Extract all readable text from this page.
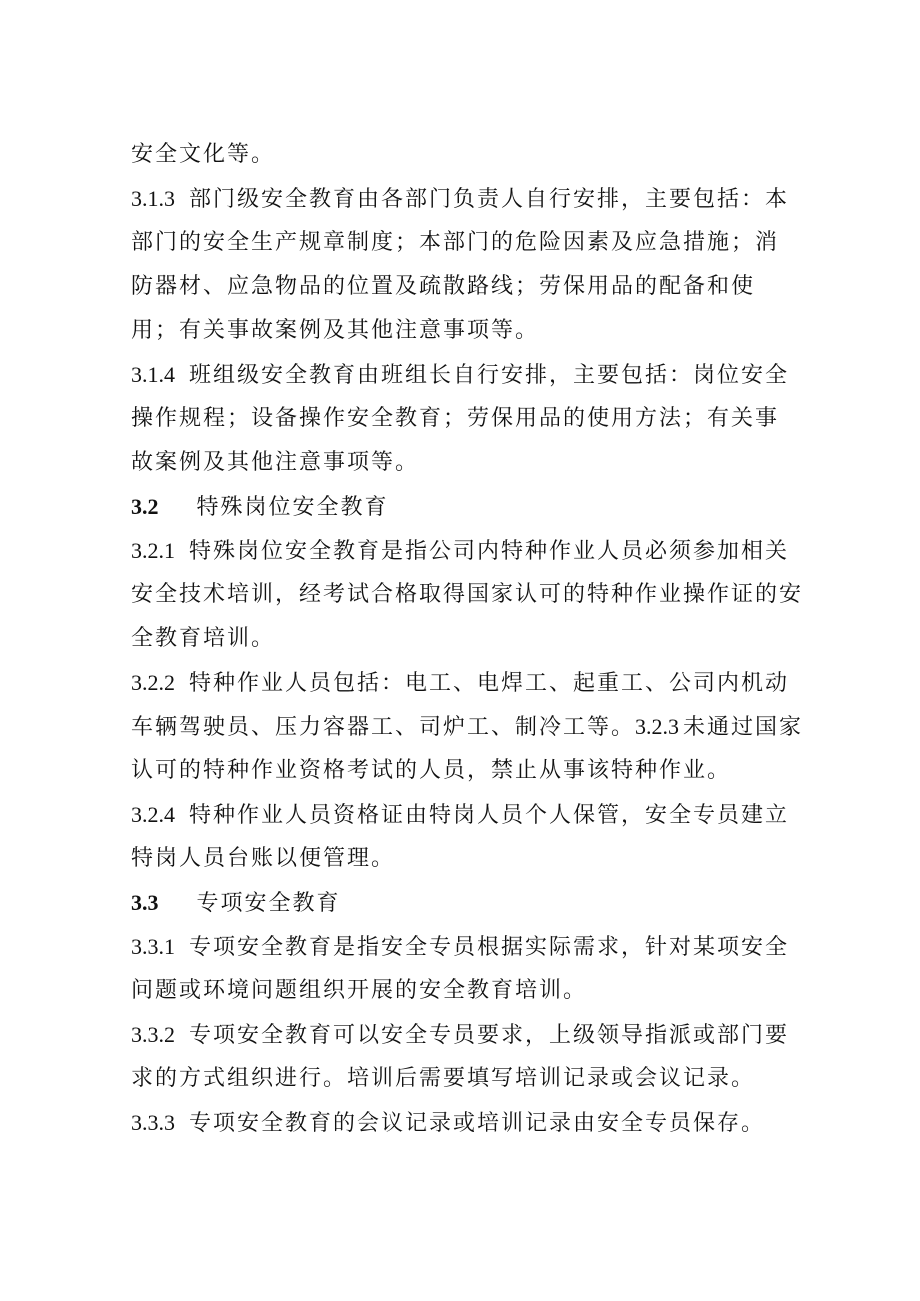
安全文化等。
3.1.3 部门级安全教育由各部门负责人自行安排，主要包括：本
部门的安全生产规章制度；本部门的危险因素及应急措施；消
防器材、应急物品的位置及疏散路线；劳保用品的配备和使
用；有关事故案例及其他注意事项等。
3.1.4 班组级安全教育由班组长自行安排，主要包括：岗位安全
操作规程；设备操作安全教育；劳保用品的使用方法；有关事
故案例及其他注意事项等。
3.2 特殊岗位安全教育
3.2.1 特殊岗位安全教育是指公司内特种作业人员必须参加相关
安全技术培训，经考试合格取得国家认可的特种作业操作证的安
全教育培训。
3.2.2 特种作业人员包括：电工、电焊工、起重工、公司内机动
车辆驾驶员、压力容器工、司炉工、制冷工等。3.2.3 未通过国家
认可的特种作业资格考试的人员，禁止从事该特种作业。
3.2.4 特种作业人员资格证由特岗人员个人保管，安全专员建立
特岗人员台账以便管理。
3.3 专项安全教育
3.3.1 专项安全教育是指安全专员根据实际需求，针对某项安全
问题或环境问题组织开展的安全教育培训。
3.3.2 专项安全教育可以安全专员要求，上级领导指派或部门要
求的方式组织进行。培训后需要填写培训记录或会议记录。
3.3.3 专项安全教育的会议记录或培训记录由安全专员保存。
